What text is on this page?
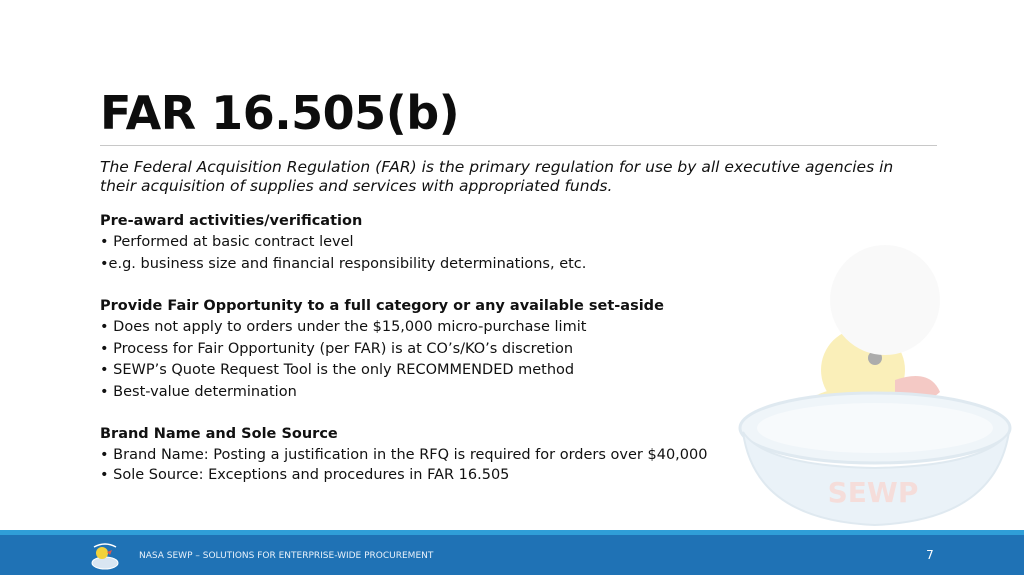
SEWP
FAR 16.505(b)

The Federal Acquisition Regulation (FAR) is the primary regulation for use by all executive agencies in their acquisition of supplies and services with appropriated funds.

Pre-award activities/verification
• Performed at basic contract level
•e.g. business size and financial responsibility determinations, etc.
Provide Fair Opportunity to a full category or any available set-aside
• Does not apply to orders under the $15,000 micro-purchase limit
• Process for Fair Opportunity (per FAR) is at CO’s/KO’s discretion
• SEWP’s Quote Request Tool is the only RECOMMENDED method
• Best-value determination
Brand Name and Sole Source
• Brand Name: Posting a justification in the RFQ is required for orders over $40,000
• Sole Source: Exceptions and procedures in FAR 16.505
NASA SEWP – SOLUTIONS FOR ENTERPRISE-WIDE PROCUREMENT	7
